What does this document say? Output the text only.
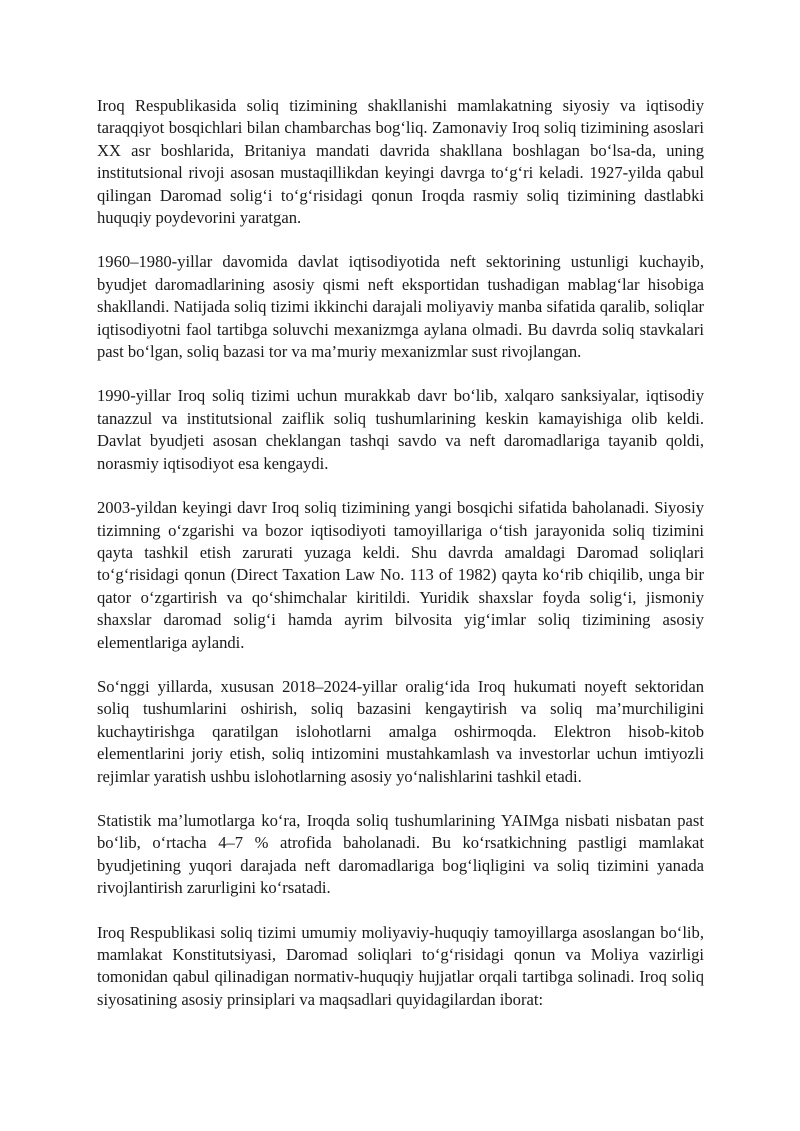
Iroq Respublikasida soliq tizimining shakllanishi mamlakatning siyosiy va iqtisodiy taraqqiyot bosqichlari bilan chambarchas bog‘liq. Zamonaviy Iroq soliq tizimining asoslari XX asr boshlarida, Britaniya mandati davrida shakllana boshlagan bo‘lsa-da, uning institutsional rivoji asosan mustaqillikdan keyingi davrga to‘g‘ri keladi. 1927-yilda qabul qilingan Daromad solig‘i to‘g‘risidagi qonun Iroqda rasmiy soliq tizimining dastlabki huquqiy poydevorini yaratgan.

1960–1980-yillar davomida davlat iqtisodiyotida neft sektorining ustunligi kuchayib, byudjet daromadlarining asosiy qismi neft eksportidan tushadigan mablag‘lar hisobiga shakllandi. Natijada soliq tizimi ikkinchi darajali moliyaviy manba sifatida qaralib, soliqlar iqtisodiyotni faol tartibga soluvchi mexanizmga aylana olmadi. Bu davrda soliq stavkalari past bo‘lgan, soliq bazasi tor va ma’muriy mexanizmlar sust rivojlangan.

1990-yillar Iroq soliq tizimi uchun murakkab davr bo‘lib, xalqaro sanksiyalar, iqtisodiy tanazzul va institutsional zaiflik soliq tushumlarining keskin kamayishiga olib keldi. Davlat byudjeti asosan cheklangan tashqi savdo va neft daromadlariga tayanib qoldi, norasmiy iqtisodiyot esa kengaydi.

2003-yildan keyingi davr Iroq soliq tizimining yangi bosqichi sifatida baholanadi. Siyosiy tizimning o‘zgarishi va bozor iqtisodiyoti tamoyillariga o‘tish jarayonida soliq tizimini qayta tashkil etish zarurati yuzaga keldi. Shu davrda amaldagi Daromad soliqlari to‘g‘risidagi qonun (Direct Taxation Law No. 113 of 1982) qayta ko‘rib chiqilib, unga bir qator o‘zgartirish va qo‘shimchalar kiritildi. Yuridik shaxslar foyda solig‘i, jismoniy shaxslar daromad solig‘i hamda ayrim bilvosita yig‘imlar soliq tizimining asosiy elementlariga aylandi.

So‘nggi yillarda, xususan 2018–2024-yillar oralig‘ida Iroq hukumati noyeft sektoridan soliq tushumlarini oshirish, soliq bazasini kengaytirish va soliq ma’murchiligini kuchaytirishga qaratilgan islohotlarni amalga oshirmoqda. Elektron hisob-kitob elementlarini joriy etish, soliq intizomini mustahkamlash va investorlar uchun imtiyozli rejimlar yaratish ushbu islohotlarning asosiy yo‘nalishlarini tashkil etadi.

Statistik ma’lumotlarga ko‘ra, Iroqda soliq tushumlarining YAIMga nisbati nisbatan past bo‘lib, o‘rtacha 4–7 % atrofida baholanadi. Bu ko‘rsatkichning pastligi mamlakat byudjetining yuqori darajada neft daromadlariga bog‘liqligini va soliq tizimini yanada rivojlantirish zarurligini ko‘rsatadi.

Iroq Respublikasi soliq tizimi umumiy moliyaviy-huquqiy tamoyillarga asoslangan bo‘lib, mamlakat Konstitutsiyasi, Daromad soliqlari to‘g‘risidagi qonun va Moliya vazirligi tomonidan qabul qilinadigan normativ-huquqiy hujjatlar orqali tartibga solinadi. Iroq soliq siyosatining asosiy prinsiplari va maqsadlari quyidagilardan iborat:
